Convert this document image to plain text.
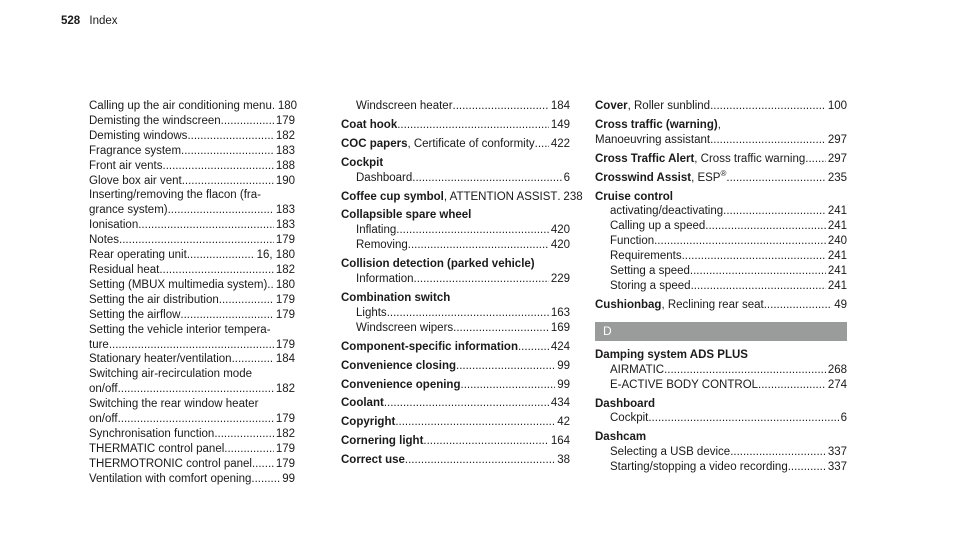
528 Index
Calling up the air conditioning menu ..... 180
Demisting the windscreen .....	179
Demisting windows .....	182
Fragrance system .....	183
Front air vents .....	188
Glove box air vent .....	190
Inserting/removing the flacon (fra-
grance system) .....	183
Ionisation .....	183
Notes .....	179
Rear operating unit .....	16, 180
Residual heat .....	182
Setting (MBUX multimedia system) ..... 180
Setting the air distribution .....	179
Setting the airflow .....	179
Setting the vehicle interior tempera-
ture .....	179
Stationary heater/ventilation .....	184
Switching air-recirculation mode
on/off .....	182
Switching the rear window heater
on/off .....	179
Synchronisation function .....	182
THERMATIC control panel .....	179
THERMOTRONIC control panel ..... 179
Ventilation with comfort opening .....	99
Windscreen heater .....	184
Coat hook .....	149
COC papers, Certificate of conformity ..... 422
Cockpit
Dashboard .....	6
Coffee cup symbol, ATTENTION ASSIST ..... 238
Collapsible spare wheel
Inflating .....	420
Removing .....	420
Collision detection (parked vehicle)
Information .....	229
Combination switch
Lights .....	163
Windscreen wipers .....	169
Component-specific information .....	424
Convenience closing .....	99
Convenience opening .....	99
Coolant .....	434
Copyright .....	42
Cornering light .....	164
Correct use .....	38
Cover, Roller sunblind .....	100
Cross traffic (warning),
Manoeuvring assistant .....	297
Cross Traffic Alert, Cross traffic warning ..... 297
Crosswind Assist, ESP® .....	235
Cruise control
activating/deactivating .....	241
Calling up a speed .....	241
Function .....	240
Requirements .....	241
Setting a speed .....	241
Storing a speed .....	241
Cushionbag, Reclining rear seat .....	49
D
Damping system ADS PLUS
AIRMATIC .....	268
E-ACTIVE BODY CONTROL .....	274
Dashboard
Cockpit .....	6
Dashcam
Selecting a USB device .....	337
Starting/stopping a video recording .....	337
